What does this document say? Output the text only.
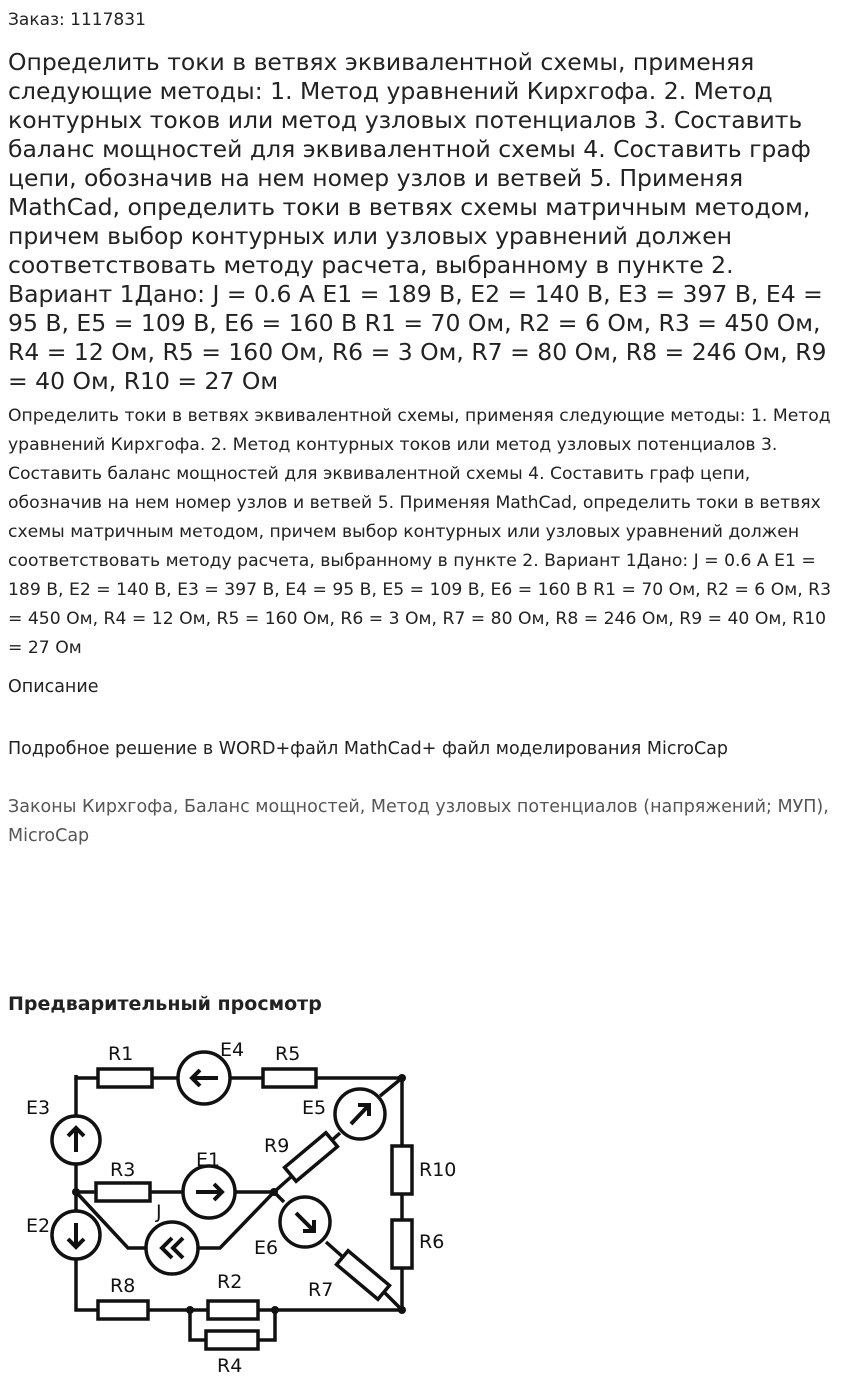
Заказ: 1117831
Определить токи в ветвях эквивалентной схемы, применяя следующие методы: 1. Метод уравнений Кирхгофа. 2. Метод контурных токов или метод узловых потенциалов 3. Составить баланс мощностей для эквивалентной схемы 4. Составить граф цепи, обозначив на нем номер узлов и ветвей 5. Применяя MathCad, определить токи в ветвях схемы матричным методом, причем выбор контурных или узловых уравнений должен соответствовать методу расчета, выбранному в пункте 2. Вариант 1Дано: J = 0.6 А E1 = 189 В, E2 = 140 В, E3 = 397 В, E4 = 95 В, E5 = 109 В, E6 = 160 В R1 = 70 Ом, R2 = 6 Ом, R3 = 450 Ом, R4 = 12 Ом, R5 = 160 Ом, R6 = 3 Ом, R7 = 80 Ом, R8 = 246 Ом, R9 = 40 Ом, R10 = 27 Ом
Определить токи в ветвях эквивалентной схемы, применяя следующие методы: 1. Метод уравнений Кирхгофа. 2. Метод контурных токов или метод узловых потенциалов 3. Составить баланс мощностей для эквивалентной схемы 4. Составить граф цепи, обозначив на нем номер узлов и ветвей 5. Применяя MathCad, определить токи в ветвях схемы матричным методом, причем выбор контурных или узловых уравнений должен соответствовать методу расчета, выбранному в пункте 2. Вариант 1Дано: J = 0.6 А E1 = 189 В, E2 = 140 В, E3 = 397 В, E4 = 95 В, E5 = 109 В, E6 = 160 В R1 = 70 Ом, R2 = 6 Ом, R3 = 450 Ом, R4 = 12 Ом, R5 = 160 Ом, R6 = 3 Ом, R7 = 80 Ом, R8 = 246 Ом, R9 = 40 Ом, R10 = 27 Ом
Описание
Подробное решение в WORD+файл MathCad+ файл моделирования MicroCap
Законы Кирхгофа, Баланс мощностей, Метод узловых потенциалов (напряжений; МУП), MicroCap
Предварительный просмотр
R1	E4 R5
E3	E5
R9
R10
R3	E1
J
E2
R6
E6
R8	R2	R7
R4
